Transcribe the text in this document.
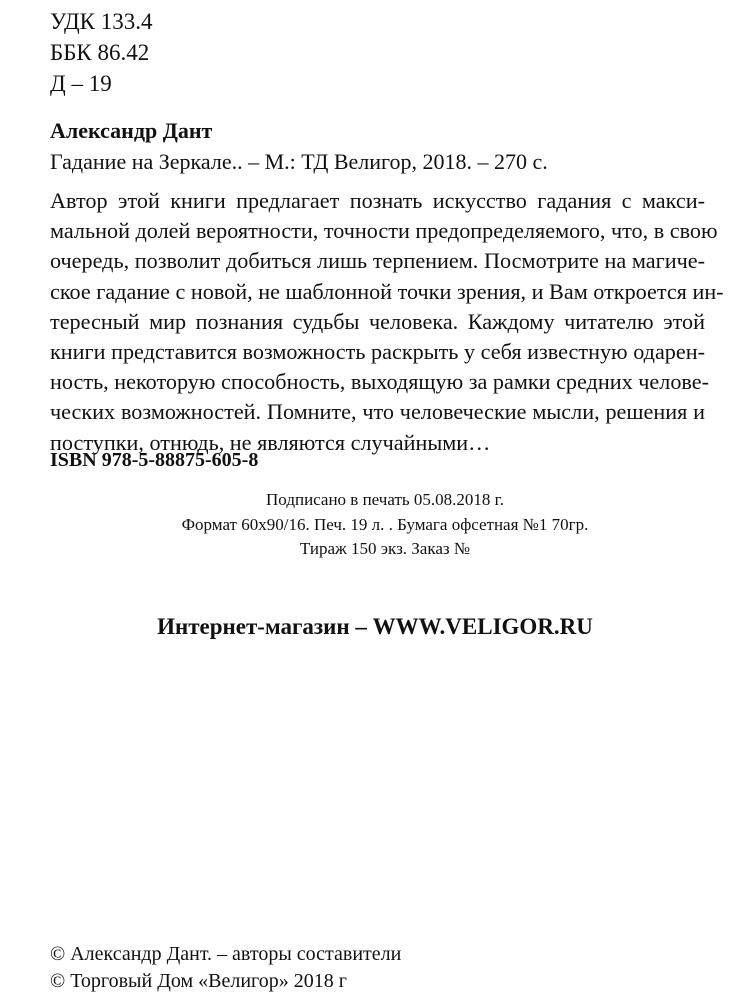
УДК 133.4
ББК 86.42
Д – 19
Александр Дант
Гадание на Зеркале.. – М.: ТД Велигор, 2018. – 270 с.
Автор этой книги предлагает познать искусство гадания с макси-
мальной долей вероятности, точности предопределяемого, что, в свою
очередь, позволит добиться лишь терпением. Посмотрите на магиче-
ское гадание с новой, не шаблонной точки зрения, и Вам откроется ин-
тересный мир познания судьбы человека. Каждому читателю этой
книги представится возможность раскрыть у себя известную одарен-
ность, некоторую способность, выходящую за рамки средних челове-
ческих возможностей. Помните, что человеческие мысли, решения и
поступки, отнюдь, не являются случайными…
ISBN 978-5-88875-605-8
Подписано в печать 05.08.2018 г.
Формат 60х90/16. Печ. 19 л. . Бумага офсетная №1 70гр.
Тираж 150 экз. Заказ №
Интернет-магазин – WWW.VELIGOR.RU
© Александр Дант. – авторы составители
© Торговый Дом «Велигор» 2018 г
